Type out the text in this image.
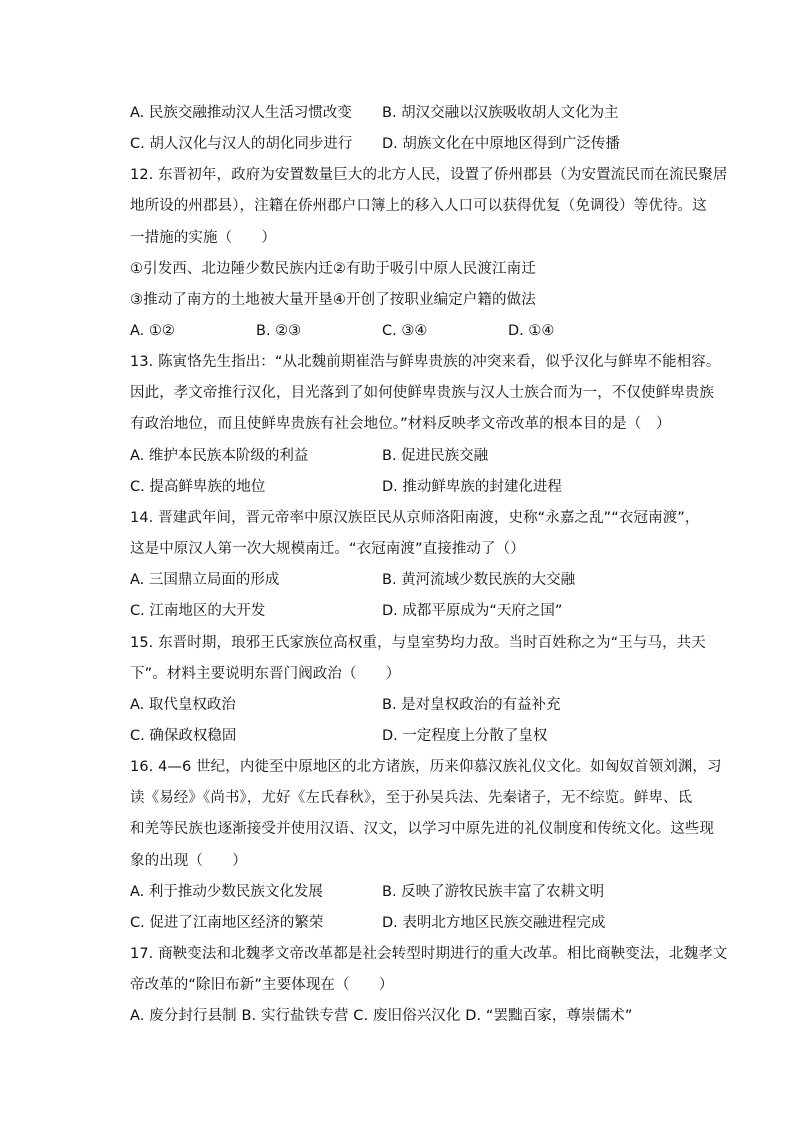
A. 民族交融推动汉人生活习惯改变 B. 胡汉交融以汉族吸收胡人文化为主
C. 胡人汉化与汉人的胡化同步进行 D. 胡族文化在中原地区得到广泛传播
12. 东晋初年，政府为安置数量巨大的北方人民，设置了侨州郡县（为安置流民而在流民聚居
地所设的州郡县），注籍在侨州郡户口簿上的移入人口可以获得优复（免调役）等优待。这
一措施的实施（　　）
①引发西、北边陲少数民族内迁②有助于吸引中原人民渡江南迁
③推动了南方的土地被大量开垦④开创了按职业编定户籍的做法
A. ①②	B. ②③	C. ③④	D. ①④
13. 陈寅恪先生指出：“从北魏前期崔浩与鲜卑贵族的冲突来看，似乎汉化与鲜卑不能相容。
因此，孝文帝推行汉化，目光落到了如何使鲜卑贵族与汉人士族合而为一，不仅使鲜卑贵族
有政治地位，而且使鲜卑贵族有社会地位。”材料反映孝文帝改革的根本目的是（　）
A. 维护本民族本阶级的利益	B. 促进民族交融
C. 提高鲜卑族的地位	D. 推动鲜卑族的封建化进程
14. 晋建武年间，晋元帝率中原汉族臣民从京师洛阳南渡，史称“永嘉之乱”“衣冠南渡”，
这是中原汉人第一次大规模南迁。“衣冠南渡”直接推动了（）
A. 三国鼎立局面的形成	B. 黄河流域少数民族的大交融
C. 江南地区的大开发	D. 成都平原成为“天府之国”
15. 东晋时期，琅邪王氏家族位高权重，与皇室势均力敌。当时百姓称之为“王与马，共天
下”。材料主要说明东晋门阀政治（　　）
A. 取代皇权政治	B. 是对皇权政治的有益补充
C. 确保政权稳固	D. 一定程度上分散了皇权
16. 4—6 世纪，内徙至中原地区的北方诸族，历来仰慕汉族礼仪文化。如匈奴首领刘渊，习
读《易经》《尚书》，尤好《左氏春秋》，至于孙吴兵法、先秦诸子，无不综览。鲜卑、氐
和羌等民族也逐渐接受并使用汉语、汉文，以学习中原先进的礼仪制度和传统文化。这些现
象的出现（　　）
A. 利于推动少数民族文化发展	B. 反映了游牧民族丰富了农耕文明
C. 促进了江南地区经济的繁荣	D. 表明北方地区民族交融进程完成
17. 商鞅变法和北魏孝文帝改革都是社会转型时期进行的重大改革。相比商鞅变法，北魏孝文
帝改革的“除旧布新”主要体现在（　　）
A. 废分封行县制 B. 实行盐铁专营 C. 废旧俗兴汉化 D. “罢黜百家，尊崇儒术”
